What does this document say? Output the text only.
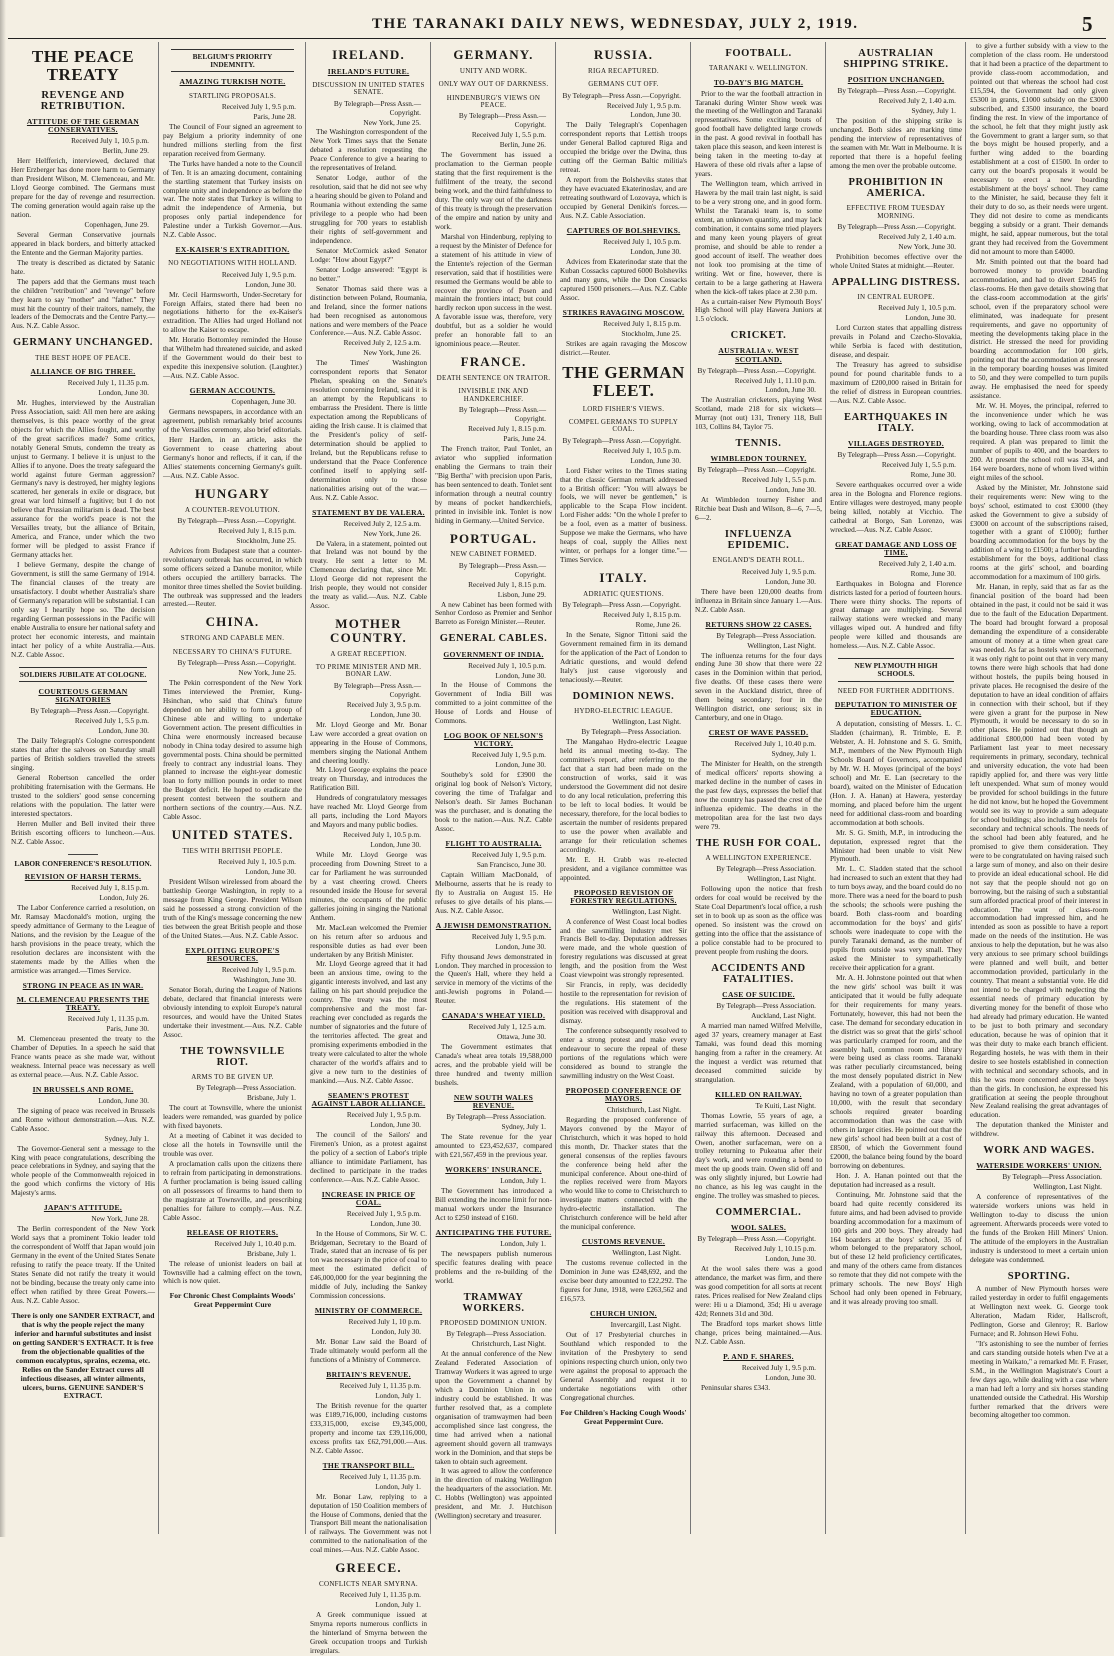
THE TARANAKI DAILY NEWS, WEDNESDAY, JULY 2, 1919.	5
THE PEACE TREATY
REVENGE AND RETRIBUTION.
ATTITUDE OF THE GERMAN CONSERVATIVES.

Received July 1, 10.5 p.m.

Berlin, June 29.

Herr Helfferich, interviewed, declared that Herr Erzberger has done more harm to Germany than President Wilson, M. Clemenceau, and Mr. Lloyd George combined. The Germans must prepare for the day of revenge and resurrection. The coming generation would again raise up the nation.

Copenhagen, June 29.

Several German Conservative journals appeared in black borders, and bitterly attacked the Entente and the German Majority parties.

The treaty is described as dictated by Satanic hate.

The papers add that the Germans must teach the children "retribution" and "revenge" before they learn to say "mother" and "father." They must hit the country of their traitors, namely, the leaders of the Democrats and the Centre Party.—Aus. N.Z. Cable Assoc.

GERMANY UNCHANGED.
THE BEST HOPE OF PEACE.
ALLIANCE OF BIG THREE.

Received July 1, 11.35 p.m.

London, June 30.

Mr. Hughes, interviewed by the Australian Press Association, said: All men here are asking themselves, is this peace worthy of the great objects for which the Allies fought, and worthy of the great sacrifices made? Some critics, notably General Smuts, condemn the treaty as unjust to Germany. I believe it is unjust to the Allies if to anyone. Does the treaty safeguard the world against future German aggression? Germany's navy is destroyed, her mighty legions scattered, her generals in exile or disgrace, but great war lord himself a fugitive; but I do not believe that Prussian militarism is dead. The best assurance for the world's peace is not the Versailles treaty, but the alliance of Britain, America, and France, under which the two former will be pledged to assist France if Germany attacks her.

I believe Germany, despite the change of Government, is still the same Germany of 1914. The financial clauses of the treaty are unsatisfactory. I doubt whether Australia's share of Germany's reparation will be substantial. I can only say I heartily hope so. The decision regarding German possessions in the Pacific will enable Australia to ensure her national safety and protect her economic interests, and maintain intact her policy of a white Australia.—Aus. N.Z. Cable Assoc.

SOLDIERS JUBILATE AT COLOGNE.
COURTEOUS GERMAN SIGNATORIES

By Telegraph—Press Assn.—Copyright.

Received July 1, 5.5 p.m.

London, June 30.

The Daily Telegraph's Cologne correspondent states that after the salvoes on Saturday small parties of British soldiers travelled the streets singing.

General Robertson cancelled the order prohibiting fraternisation with the Germans. He trusted to the soldiers' good sense concerning relations with the population. The latter were interested spectators.

Herren Muller and Bell invited their three British escorting officers to luncheon.—Aus. N.Z. Cable Assoc.

LABOR CONFERENCE'S RESOLUTION.
REVISION OF HARSH TERMS.

Received July 1, 8.15 p.m.

London, July 26.

The Labor Conference carried a resolution, on Mr. Ramsay Macdonald's motion, urging the speedy admittance of Germany to the League of Nations, and the revision by the League of the harsh provisions in the peace treaty, which the resolution declares are inconsistent with the statements made by the Allies when the armistice was arranged.—Times Service.

STRONG IN PEACE AS IN WAR.
M. CLEMENCEAU PRESENTS THE TREATY.

Received July 1, 11.35 p.m.

Paris, June 30.

M. Clemenceau presented the treaty to the Chamber of Deputies. In a speech he said that France wants peace as she made war, without weakness. Internal peace was necessary as well as external peace.—Aus. N.Z. Cable Assoc.

IN BRUSSELS AND ROME.

London, June 30.

The signing of peace was received in Brussels and Rome without demonstration.—Aus. N.Z. Cable Assoc.

Sydney, July 1.

The Governor-General sent a message to the King with peace congratulations, describing the peace celebrations in Sydney, and saying that the whole people of the Commonwealth rejoiced in the good which confirms the victory of His Majesty's arms.

JAPAN'S ATTITUDE.

New York, June 28.

The Berlin correspondent of the New York World says that a prominent Tokio leader told the correspondent of Wolff that Japan would join Germany in the event of the United States Senate refusing to ratify the peace treaty. If the United States Senate did not ratify the treaty it would not be binding, because the treaty only came into effect when ratified by three Great Powers.—Aus. N.Z. Cable Assoc.

There is only one SANDER EXTRACT, and that is why the people reject the many inferior and harmful substitutes and insist on getting SANDER'S EXTRACT. It is free from the objectionable qualities of the common eucalyptus, sprains, eczema, etc. Relies on the Sander Extract cures all infectious diseases, all winter ailments, ulcers, burns. GENUINE SANDER'S EXTRACT.
BELGIUM'S PRIORITY INDEMNITY.
AMAZING TURKISH NOTE.
STARTLING PROPOSALS.

Received July 1, 9.5 p.m.

Paris, June 28.

The Council of Four signed an agreement to pay Belgium a priority indemnity of one hundred millions sterling from the first reparation received from Germany.

The Turks have handed a note to the Council of Ten. It is an amazing document, containing the startling statement that Turkey insists on complete unity and independence as before the war. The note states that Turkey is willing to admit the independence of Armenia, but proposes only partial independence for Palestine under a Turkish Governor.—Aus. N.Z. Cable Assoc.

EX-KAISER'S EXTRADITION.
NO NEGOTIATIONS WITH HOLLAND.

Received July 1, 9.5 p.m.

London, June 30.

Mr. Cecil Harmsworth, Under-Secretary for Foreign Affairs, stated there had been no negotiations hitherto for the ex-Kaiser's extradition. The Allies had urged Holland not to allow the Kaiser to escape.

Mr. Horatio Bottomley reminded the House that Wilhelm had threatened suicide, and asked if the Government would do their best to expedite this inexpensive solution. (Laughter.)—Aus. N.Z. Cable Assoc.

GERMAN ACCOUNTS.

Copenhagen, June 30.

Germans newspapers, in accordance with an agreement, publish remarkably brief accounts of the Versailles ceremony, also brief editorials.

Herr Harden, in an article, asks the Government to cease chattering about Germany's honor and reflects, if it can, if the Allies' statements concerning Germany's guilt.—Aus. N.Z. Cable Assoc.

HUNGARY
A COUNTER-REVOLUTION.

By Telegraph—Press Assn.—Copyright.

Received July 1, 8.15 p.m.

Stockholm, June 25.

Advices from Budapest state that a counter-revolutionary outbreak has occurred, in which some officers seized a Danube monitor, while others occupied the artillery barracks. The monitor three times shelled the Soviet building. The outbreak was suppressed and the leaders arrested.—Reuter.

CHINA.
STRONG AND CAPABLE MEN.
NECESSARY TO CHINA'S FUTURE.

By Telegraph—Press Assn.—Copyright.

New York, June 25.

The Pekin correspondent of the New York Times interviewed the Premier, Kung-Hsinchan, who said that China's future depended on her ability to form a group of Chinese able and willing to undertake Government action. The present difficulties in China were enormously increased because nobody in China today desired to assume high governmental posts. China should be permitted freely to contract any industrial loans. They planned to increase the eight-year domestic loan to forty million pounds in order to meet the Budget deficit. He hoped to eradicate the present contest between the southern and northern sections of the country.—Aus. N.Z. Cable Assoc.

UNITED STATES.
TIES WITH BRITISH PEOPLE.

Received July 1, 10.5 p.m.

London, June 30.

President Wilson wirelessed from aboard the battleship George Washington, in reply to a message from King George. President Wilson said he possessed a strong conviction of the truth of the King's message concerning the new ties between the great British people and those of the United States.—Aus. N.Z. Cable Assoc.

EXPLOITING EUROPE'S RESOURCES.

Received July 1, 9.5 p.m.

Washington, June 30.

Senator Borah, during the League of Nations debate, declared that financial interests were obviously intending to exploit Europe's natural resources, and would have the United States undertake their investment.—Aus. N.Z. Cable Assoc.

THE TOWNSVILLE RIOT.
ARMS TO BE GIVEN UP.

By Telegraph—Press Association.

Brisbane, July 1.

The court at Townsville, where the unionist leaders were remanded, was guarded by police with fixed bayonets.

At a meeting of Cabinet it was decided to close all the hotels in Townsville until the trouble was over.

A proclamation calls upon the citizens there to refrain from participating in demonstrations. A further proclamation is being issued calling on all possessors of firearms to hand them to the magistrate at Townsville, and prescribing penalties for failure to comply.—Aus. N.Z. Cable Assoc.

RELEASE OF RIOTERS.

Received July 1, 10.40 p.m.

Brisbane, July 1.

The release of unionist leaders on bail at Townsville had a calming effect on the town, which is now quiet.

For Chronic Chest Complaints Woods' Great Peppermint Cure
IRELAND.
IRELAND'S FUTURE.
DISCUSSION IN UNITED STATES SENATE.

By Telegraph—Press Assn.—Copyright.

New York, June 25.

The Washington correspondent of the New York Times says that the Senate debated a resolution requesting the Peace Conference to give a hearing to the representatives of Ireland.

Senator Lodge, author of the resolution, said that he did not see why a hearing should be given to Poland and Roumania without extending the same privilege to a people who had been struggling for 700 years to establish their rights of self-government and independence.

Senator McCormick asked Senator Lodge: "How about Egypt?"

Senator Lodge answered: "Egypt is no better."

Senator Thomas said there was a distinction between Poland, Roumania, and Ireland, since the former nations had been recognised as autonomous nations and were members of the Peace Conference.—Aus. N.Z. Cable Assoc.

Received July 2, 12.5 a.m.

New York, June 26.

The Times' Washington correspondent reports that Senator Phelan, speaking on the Senate's resolution concerning Ireland, said it is an attempt by the Republicans to embarrass the President. There is little expectation among the Republicans of aiding the Irish cause. It is claimed that the President's policy of self-determination should be applied to Ireland, but the Republicans refuse to understand that the Peace Conference confined itself to applying self-determination only to those nationalities arising out of the war.—Aus. N.Z. Cable Assoc.

STATEMENT BY DE VALERA.

Received July 2, 12.5 a.m.

New York, June 26.

De Valera, in a statement, pointed out that Ireland was not bound by the treaty. He sent a letter to M. Clemenceau declaring that, since Mr. Lloyd George did not represent the Irish people, they would not consider the treaty as valid.—Aus. N.Z. Cable Assoc.

MOTHER COUNTRY.
A GREAT RECEPTION.
TO PRIME MINISTER AND MR. BONAR LAW.

By Telegraph—Press Assn.—Copyright.

Received July 3, 9.5 p.m.

London, June 30.

Mr. Lloyd George and Mr. Bonar Law were accorded a great ovation on appearing in the House of Commons, members singing the National Anthem and cheering loudly.

Mr. Lloyd George explains the peace treaty on Thursday, and introduces the Ratification Bill.

Hundreds of congratulatory messages have reached Mr. Lloyd George from all parts, including the Lord Mayors and Mayors and many public bodies.

Received July 1, 10.5 p.m.

London, June 30.

While Mr. Lloyd George was proceeding from Downing Street to a car for Parliament he was surrounded by a vast cheering crowd. Cheers resounded inside the House for several minutes, the occupants of the public galleries joining in singing the National Anthem.

Mr. MacLean welcomed the Premier on his return after so arduous and responsible duties as had ever been undertaken by any British Minister.

Mr. Lloyd George agreed that it had been an anxious time, owing to the gigantic interests involved, and last any failing on his part should prejudice the country. The treaty was the most comprehensive and the most far-reaching ever concluded as regards the number of signatories and the future of the territories affected. The great and promising experiments embodied in the treaty were calculated to alter the whole character of the world's affairs and to give a new turn to the destinies of mankind.—Aus. N.Z. Cable Assoc.

SEAMEN'S PROTEST AGAINST LABOR ALLIANCE.

Received July 1, 9.5 p.m.

London, June 30.

The council of the Sailors' and Firemen's Union, as a protest against the policy of a section of Labor's triple alliance to intimidate Parliament, has declined to participate in the trades conference.—Aus. N.Z. Cable Assoc.

INCREASE IN PRICE OF COAL.

Received July 1, 9.5 p.m.

London, June 30.

In the House of Commons, Sir W. C. Bridgeman, Secretary to the Board of Trade, stated that an increase of 6s per ton was necessary in the price of coal to meet the estimated deficit of £46,000,000 for the year beginning the middle of July, including the Sankey Commission concessions.

MINISTRY OF COMMERCE.

Received July 1, 10 p.m.

London, July 30.

Mr. Bonar Law said the Board of Trade ultimately would perform all the functions of a Ministry of Commerce.

BRITAIN'S REVENUE.

Received July 1, 11.35 p.m.

London, July 1.

The British revenue for the quarter was £189,716,000, including customs £33,315,000, excise £9,345,000, property and income tax £39,116,000, excess profits tax £62,791,000.—Aus. N.Z. Cable Assoc.

THE TRANSPORT BILL.

Received July 1, 11.35 p.m.

London, July 1.

Mr. Bonar Law, replying to a deputation of 150 Coalition members of the House of Commons, denied that the Transport Bill meant the nationalisation of railways. The Government was not committed to the nationalisation of the coal mines.—Aus. N.Z. Cable Assoc.

GREECE.
CONFLICTS NEAR SMYRNA.

Received July 1, 11.35 p.m.

London, July 1.

A Greek communique issued at Smyrna reports numerous conflicts in the hinterland of Smyrna between the Greek occupation troops and Turkish irregulars.

GERMANY.
UNITY AND WORK.
ONLY WAY OUT OF DARKNESS.
HINDENBURG'S VIEWS ON PEACE.

By Telegraph—Press Assn.—Copyright.

Received July 1, 5.5 p.m.

Berlin, June 26.

The Government has issued a proclamation to the German people stating that the first requirement is the fulfilment of the treaty, the second being work, and the third faithfulness to duty. The only way out of the darkness of this treaty is through the preservation of the empire and nation by unity and work.

Marshal von Hindenburg, replying to a request by the Minister of Defence for a statement of his attitude in view of the Entente's rejection of the German reservation, said that if hostilities were resumed the Germans would be able to recover the province of Posen and maintain the frontiers intact; but could hardly reckon upon success in the west. A favorable issue was, therefore, very doubtful, but as a soldier he would prefer an honorable fall to an ignominious peace.—Reuter.

FRANCE.
DEATH SENTENCE ON TRAITOR.
INVISIBLE INK AND HANDKERCHIEF.

By Telegraph—Press Assn.—Copyright.

Received July 1, 8.15 p.m.

Paris, June 24.

The French traitor, Paul Tonlet, an aviator who supplied information enabling the Germans to train their "Big Bertha" with precision upon Paris, has been sentenced to death. Tonlet sent information through a neutral country by means of pocket handkerchiefs, printed in invisible ink. Tonlet is now hiding in Germany.—United Service.

PORTUGAL.
NEW CABINET FORMED.

By Telegraph—Press Assn.—Copyright.

Received July 1, 8.15 p.m.

Lisbon, June 29.

A new Cabinet has been formed with Senhor Cordoso as Premier and Senhor Barreto as Foreign Minister.—Reuter.

GENERAL CABLES.
GOVERNMENT OF INDIA.

Received July 1, 10.5 p.m.

London, June 30.

In the House of Commons the Government of India Bill was committed to a joint committee of the House of Lords and House of Commons.

LOG BOOK OF NELSON'S VICTORY.

Received July 1, 9.5 p.m.

London, June 30.

Southeby's sold for £3900 the original log book of Nelson's Victory, covering the time of Trafalgar and Nelson's death. Sir James Buchanan was the purchaser, and is donating the book to the nation.—Aus. N.Z. Cable Assoc.

FLIGHT TO AUSTRALIA.

Received July 1, 9.5 p.m.

San Francisco, June 30.

Captain William MacDonald, of Melbourne, asserts that he is ready to fly to Australia on August 15. He refuses to give details of his plans.—Aus. N.Z. Cable Assoc.

A JEWISH DEMONSTRATION.

Received July 1, 9.5 p.m.

London, June 30.

Fifty thousand Jews demonstrated in London. They marched in procession to the Queen's Hall, where they held a service in memory of the victims of the anti-Jewish pogroms in Poland.—Reuter.

CANADA'S WHEAT YIELD.

Received July 1, 12.5 a.m.

Ottawa, June 30.

The Government estimates that Canada's wheat area totals 19,588,000 acres, and the probable yield will be three hundred and twenty million bushels.

NEW SOUTH WALES REVENUE.

By Telegraph—Press Association.

Sydney, July 1.

The State revenue for the year amounted to £23,452,637, compared with £21,567,459 in the previous year.

WORKERS' INSURANCE.

London, July 1.

The Government has introduced a Bill extending the income limit for non-manual workers under the Insurance Act to £250 instead of £160.

ANTICIPATING THE FUTURE.

London, July 1.

The newspapers publish numerous specific features dealing with peace problems and the re-building of the world.

TRAMWAY WORKERS.
PROPOSED DOMINION UNION.

By Telegraph—Press Association.

Christchurch, Last Night.

At the annual conference of the New Zealand Federated Association of Tramway Workers it was agreed to urge upon the Government a channel by which a Dominion Union in one industry could be established. It was further resolved that, as a complete organisation of tramwaymen had been accomplished since last congress, the time had arrived when a national agreement should govern all tramways work in the Dominion, and that steps be taken to obtain such agreement.

It was agreed to allow the conference in the direction of making Wellington the headquarters of the association. Mr. C. Hobbs (Wellington) was appointed president, and Mr. J. Hutchison (Wellington) secretary and treasurer.

RUSSIA.
RIGA RECAPTURED.
GERMANS CUT OFF.

By Telegraph—Press Assn.—Copyright.

Received July 1, 9.5 p.m.

London, June 30.

The Daily Telegraph's Copenhagen correspondent reports that Lettish troops under General Ballod captured Riga and occupied the bridge over the Dwina, thus cutting off the German Baltic militia's retreat.

A report from the Bolsheviks states that they have evacuated Ekaterinoslav, and are retreating southward of Lozovaya, which is occupied by General Denikin's forces.—Aus. N.Z. Cable Association.

CAPTURES OF BOLSHEVIKS.

Received July 1, 10.5 p.m.

London, June 30.

Advices from Ekaterinodar state that the Kuban Cossacks captured 6000 Bolsheviks and many guns, while the Don Cossacks captured 1500 prisoners.—Aus. N.Z. Cable Assoc.

STRIKES RAVAGING MOSCOW.

Received July 1, 8.15 p.m.

Stockholm, June 25.

Strikes are again ravaging the Moscow district.—Reuter.

THE GERMAN FLEET.
LORD FISHER'S VIEWS.
COMPEL GERMANS TO SUPPLY COAL.

By Telegraph—Press Assn.—Copyright.

Received July 1, 10.5 p.m.

London, June 30.

Lord Fisher writes to the Times stating that the classic German remark addressed to a British officer: "You will always be fools, we will never be gentlemen," is applicable to the Scapa Flow incident. Lord Fisher adds: "On the whole I prefer to be a fool, even as a matter of business. Suppose we make the Germans, who have heaps of coal, supply the Allies next winter, or perhaps for a longer time."—Times Service.

ITALY.
ADRIATIC QUESTIONS.

By Telegraph—Press Assn.—Copyright.

Received July 1, 8.15 p.m.

Rome, June 26.

In the Senate, Signor Tittoni said the Government remained firm in its demand for the application of the Pact of London to Adriatic questions, and would defend Italy's just cause vigorously and tenaciously.—Reuter.

DOMINION NEWS.
HYDRO-ELECTRIC LEAGUE.

Wellington, Last Night.

By Telegraph—Press Association.

The Mangahao Hydro-electric League held its annual meeting to-day. The committee's report, after referring to the fact that a start had been made on the construction of works, said it was understood the Government did not desire to do any local reticulation, preferring this to be left to local bodies. It would be necessary, therefore, for the local bodies to ascertain the number of residents prepared to use the power when available and arrange for their reticulation schemes accordingly.

Mr. E. H. Crabb was re-elected president, and a vigilance committee was appointed.

PROPOSED REVISION OF FORESTRY REGULATIONS.

Wellington, Last Night.

A conference of West Coast local bodies and the sawmilling industry met Sir Francis Bell to-day. Deputation addresses were made, and the whole question of forestry regulations was discussed at great length, and the position from the West Coast viewpoint was strongly represented.

Sir Francis, in reply, was decidedly hostile to the representation for revision of the regulations. His statement of the position was received with disapproval and dismay.

The conference subsequently resolved to enter a strong protest and make every endeavour to secure the repeal of these portions of the regulations which were considered as bound to strangle the sawmilling industry on the West Coast.

PROPOSED CONFERENCE OF MAYORS.

Christchurch, Last Night.

Regarding the proposed conference of Mayors convened by the Mayor of Christchurch, which it was hoped to hold this month, Dr. Thacker states that the general consensus of the replies favours the conference being held after the municipal conference. About one-third of the replies received were from Mayors who would like to come to Christchurch to investigate matters connected with the hydro-electric installation. The Christchurch conference will be held after the municipal conference.

CUSTOMS REVENUE.

Wellington, Last Night.

The customs revenue collected in the Dominion in June was £248,692, and the excise beer duty amounted to £22,292. The figures for June, 1918, were £263,562 and £16,573.

CHURCH UNION.

Invercargill, Last Night.

Out of 17 Presbyterial churches in Southland which responded to the invitation of the Presbytery to send opinions respecting church union, only two were against the proposal to approach the General Assembly and request it to undertake negotiations with other Congregational churches.

For Children's Hacking Cough Woods' Great Peppermint Cure.
FOOTBALL.
TARANAKI v. WELLINGTON.
TO-DAY'S BIG MATCH.

Prior to the war the football attraction in Taranaki during Winter Show week was the meeting of the Wellington and Taranaki representatives. Some exciting bouts of good football have delighted large crowds in the past. A good revival in football has taken place this season, and keen interest is being taken in the meeting to-day at Hawera of these old rivals after a lapse of years.

The Wellington team, which arrived in Hawera by the mail train last night, is said to be a very strong one, and in good form. Whilst the Taranaki team is, to some extent, an unknown quantity, and may lack combination, it contains some tried players and many keen young players of great promise, and should be able to render a good account of itself. The weather does not look too promising at the time of writing. Wet or fine, however, there is certain to be a large gathering at Hawera when the kick-off takes place at 2.30 p.m.

As a curtain-raiser New Plymouth Boys' High School will play Hawera Juniors at 1.5 o'clock.

CRICKET.
AUSTRALIA v. WEST SCOTLAND.

By Telegraph—Press Assn.—Copyright.

Received July 1, 11.10 p.m.

London, June 30.

The Australian cricketers, playing West Scotland, made 218 for six wickets—Murray (not out) 131, Trenery 118, Bull 103, Collins 84, Taylor 75.

TENNIS.
WIMBLEDON TOURNEY.

By Telegraph—Press Assn.—Copyright.

Received July 1, 5.5 p.m.

London, June 30.

At Wimbledon tourney Fisher and Ritchie beat Dash and Wilson, 8—6, 7—5, 6—2.

INFLUENZA EPIDEMIC.
ENGLAND'S DEATH ROLL.

Received July 1, 9.5 p.m.

London, June 30.

There have been 120,000 deaths from influenza in Britain since January 1.—Aus. N.Z. Cable Assn.

RETURNS SHOW 22 CASES.

By Telegraph—Press Association.

Wellington, Last Night.

The influenza returns for the four days ending June 30 show that there were 22 cases in the Dominion within that period, five deaths. Of these cases there were seven in the Auckland district, three of them being secondary; four in the Wellington district, one serious; six in Canterbury, and one in Otago.

CREST OF WAVE PASSED.

Received July 1, 10.40 p.m.

Sydney, July 1.

The Minister for Health, on the strength of medical officers' reports showing a marked decline in the number of cases in the past few days, expresses the belief that now the country has passed the crest of the influenza epidemic. The deaths in the metropolitan area for the last two days were 79.

THE RUSH FOR COAL.
A WELLINGTON EXPERIENCE.

By Telegraph—Press Association.

Wellington, Last Night.

Following upon the notice that fresh orders for coal would be received by the State Coal Department's local office, a rush set in to book up as soon as the office was opened. So insistent was the crowd on getting into the office that the assistance of a police constable had to be procured to prevent people from rushing the doors.

ACCIDENTS AND FATALITIES.
CASE OF SUICIDE.

By Telegraph—Press Association.

Auckland, Last Night.

A married man named Wilfred Melville, aged 37 years, creamery manager at East Tamaki, was found dead this morning hanging from a rafter in the creamery. At the inquest a verdict was returned that deceased committed suicide by strangulation.

KILLED ON RAILWAY.

Te Kuiti, Last Night.

Thomas Lowrie, 55 years of age, a married surfaceman, was killed on the railway this afternoon. Deceased and Owen, another surfaceman, were on a trolley returning to Pukeatua after their day's work, and were rounding a bend to meet the up goods train. Owen slid off and was only slightly injured, but Lowrie had no chance, as his leg was caught in the engine. The trolley was smashed to pieces.

COMMERCIAL.
WOOL SALES.

By Telegraph—Press Assn.—Copyright.

Received July 1, 10.15 p.m.

London, June 30.

At the wool sales there was a good attendance, the market was firm, and there was good competition for all sorts at recent rates. Prices realised for New Zealand clips were: Hi u a Diamond, 35d; Hi u average 42d; Rennets 31d and 30d.

The Bradford tops market shows little change, prices being maintained.—Aus. N.Z. Cable Assn.

P. AND F. SHARES.

Received July 1, 9.5 p.m.

London, June 30.

Peninsular shares £343.

AUSTRALIAN SHIPPING STRIKE.
POSITION UNCHANGED.

By Telegraph—Press Assn.—Copyright.

Received July 2, 1.40 a.m.

Sydney, July 1.

The position of the shipping strike is unchanged. Both sides are marking time pending the interview of representatives of the seamen with Mr. Watt in Melbourne. It is reported that there is a hopeful feeling among the men over the probable outcome.

PROHIBITION IN AMERICA.
EFFECTIVE FROM TUESDAY MORNING.

By Telegraph—Press Assn.—Copyright.

Received July 2, 1.40 a.m.

New York, June 30.

Prohibition becomes effective over the whole United States at midnight.—Reuter.

APPALLING DISTRESS.
IN CENTRAL EUROPE.

Received July 1, 10.5 p.m.

London, June 30.

Lord Curzon states that appalling distress prevails in Poland and Czecho-Slovakia, while Serbia is faced with destitution, disease, and despair.

The Treasury has agreed to subsidise pound for pound charitable funds to a maximum of £200,000 raised in Britain for the relief of distress in European countries.—Aus. N.Z. Cable Assoc.

EARTHQUAKES IN ITALY.
VILLAGES DESTROYED.

By Telegraph—Press Assn.—Copyright.

Received July 1, 5.5 p.m.

Rome, June 30.

Severe earthquakes occurred over a wide area in the Bologna and Florence regions. Entire villages were destroyed, many people being killed, notably at Vicchio. The cathedral at Borgo, San Lorenzo, was wrecked.—Aus. N.Z. Cable Assoc.

GREAT DAMAGE AND LOSS OF TIME.

Received July 2, 1.40 a.m.

Rome, June 30.

Earthquakes in Bologna and Florence districts lasted for a period of fourteen hours. There were thirty shocks. The reports of great damage are multiplying. Several railway stations were wrecked and many villages wiped out. A hundred and fifty people were killed and thousands are homeless.—Aus. N.Z. Cable Assoc.

NEW PLYMOUTH HIGH SCHOOLS.
NEED FOR FURTHER ADDITIONS.
DEPUTATION TO MINISTER OF EDUCATION.

A deputation, consisting of Messrs. L. C. Sladden (chairman), R. Trimble, E. P. Webster, A. H. Johnstone and S. G. Smith, M.P., members of the New Plymouth High Schools Board of Governors, accompanied by Mr. W. H. Moyes (principal of the boys' school) and Mr. E. Lan (secretary to the board), waited on the Minister of Education (Hon. J. A. Hanan) at Hawera, yesterday morning, and placed before him the urgent need for additional class-room and boarding accommodation at both schools.

Mr. S. G. Smith, M.P., in introducing the deputation, expressed regret that the Minister had been unable to visit New Plymouth.

Mr. L. C. Sladden stated that the school had increased to such an extent that they had to turn boys away, and the board could do no more. There was a need for the board to push the schools; the schools were pushing the board. Both class-room and boarding accommodation for the boys' and girls' schools were inadequate to cope with the purely Taranaki demand, as the number of pupils from outside was very small. They asked the Minister to sympathetically receive their application for a grant.

Mr. A. H. Johnstone pointed out that when the new girls' school was built it was anticipated that it would be fully adequate for their requirements for many years. Fortunately, however, this had not been the case. The demand for secondary education in the district was so great that the girls' school was particularly cramped for room, and the assembly hall, common room and library were being used as class rooms. Taranaki was rather peculiarly circumstanced, being the most densely populated district in New Zealand, with a population of 60,000, and having no town of a greater population than 10,000, with the result that secondary schools required greater boarding accommodation than was the case with others in larger cities. He pointed out that the new girls' school had been built at a cost of £8500, of which the Government found £2000, the balance being found by the board borrowing on debentures.

Hon. J. A. Hanan pointed out that the deputation had increased as a result.

Continuing, Mr. Johnstone said that the board had quite recently considered its future aims, and had been advised to provide boarding accommodation for a maximum of 100 girls and 200 boys. They already had 164 boarders at the boys' school, 35 of whom belonged to the preparatory school, but of these 12 held proficiency certificates, and many of the others came from distances so remote that they did not compete with the primary schools. The new Boys' High School had only been opened in February, and it was already proving too small.

to give a further subsidy with a view to the completion of the class room. He understood that it had been a practice of the department to provide class-room accommodation, and pointed out that whereas the school had cost £15,594, the Government had only given £5300 in grants, £1000 subsidy on the £3000 subscribed, and £3500 insurance, the board finding the rest. In view of the importance of the school, he felt that they might justly ask the Government to grant a larger sum, so that the boys might be housed properly, and a further wing added to the boarding establishment at a cost of £1500. In order to carry out the board's proposals it would be necessary to erect a new boarding establishment at the boys' school. They came to the Minister, he said, because they felt it their duty to do so, as their needs were urgent. They did not desire to come as mendicants begging a subsidy or a grant. Their demands might, he said, appear numerous, but the total grant they had received from the Government did not amount to more than £4000.

Mr. Smith pointed out that the board had borrowed money to provide boarding accommodation, and had to divert £2845 for class-rooms. He then gave details showing that the class-room accommodation at the girls' school, even if the preparatory school were eliminated, was inadequate for present requirements, and gave no opportunity of meeting the developments taking place in the district. He stressed the need for providing boarding accommodation for 100 girls, pointing out that the accommodation at present in the temporary boarding houses was limited to 50, and they were compelled to turn pupils away. He emphasised the need for speedy assistance.

Mr. W. H. Moyes, the principal, referred to the inconvenience under which he was working, owing to lack of accommodation at the boarding house. Three class room was also required. A plan was prepared to limit the number of pupils to 400, and the boarders to 200. At present the school roll was 334, and 164 were boarders, none of whom lived within eight miles of the school.

Asked by the Minister, Mr. Johnstone said their requirements were: New wing to the boys' school, estimated to cost £3000 (they asked the Government to give a subsidy of £3000 on account of the subscriptions raised, together with a grant of £1000); further boarding accommodation for the boys by the addition of a wing to £1500; a further boarding establishment for the boys, additional class rooms at the girls' school, and boarding accommodation for a maximum of 100 girls.

Mr. Hanan, in reply, said that as far as the financial position of the board had been obtained in the past, it could not be said it was due to the fault of the Education Department. The board had brought forward a proposal demanding the expenditure of a considerable amount of money at a time when great care was needed. As far as hostels were concerned, it was only right to point out that in very many towns there were high schools that had done without hostels, the pupils being housed in private places. He recognised the desire of the deputation to have an ideal condition of affairs in connection with their school, but if they were given a grant for the purpose in New Plymouth, it would be necessary to do so in other places. He pointed out that though an additional £800,000 had been voted by Parliament last year to meet necessary requirements in primary, secondary, technical and university education, the vote had been rapidly applied for, and there was very little left unexpended. What sum of money would be provided for school buildings in the future he did not know, but he hoped the Government would see its way to provide a sum adequate for school buildings; also including hostels for secondary and technical schools. The needs of the school had been ably featured, and he promised to give them consideration. They were to be congratulated on having raised such a large sum of money, and also on their desire to provide an ideal educational school. He did not say that the people should not go on borrowing, but the raising of such a substantial sum afforded practical proof of their interest in education. The want of class-room accommodation had impressed him, and he intended as soon as possible to have a report made on the needs of the institution. He was anxious to help the deputation, but he was also very anxious to see primary school buildings were planned and well built, and better accommodation provided, particularly in the country. That meant a substantial vote. He did not intend to be charged with neglecting the essential needs of primary education by diverting money for the benefit of those who had already had primary education. He wanted to be just to both primary and secondary education, because he was of opinion that it was their duty to make each branch efficient. Regarding hostels, he was with them in their desire to see hostels established in connection with technical and secondary schools, and in this he was more concerned about the boys than the girls. In conclusion, he expressed his gratification at seeing the people throughout New Zealand realising the great advantages of education.

The deputation thanked the Minister and withdrew.

WORK AND WAGES.
WATERSIDE WORKERS' UNION.

By Telegraph—Press Association.

Wellington, Last Night.

A conference of representatives of the waterside workers unions was held in Wellington to-day to discuss the union agreement. Afterwards proceeds were voted to the funds of the Broken Hill Miners' Union. The attitude of the employers in the Australian industry is understood to meet a certain union delegate was condemned.

SPORTING.

A number of New Plymouth horses were railed yesterday in order to fulfil engagements at Wellington next week. G. George took Alteration, Madam Rider, Hallscroft, Pedlington, Gorse and Glenroy; R. Barlow Furnace; and R. Johnson Hewi Fohu.

"It's astonishing to see the number of ferries and cars standing outside hotels when I've at a meeting in Waikato," a remarked Mr. F. Fraser, S.M., in the Wellington Magistrate's Court a few days ago, while dealing with a case where a man had left a lorry and six horses standing unattended outside the Cathedral. His Worship further remarked that the drivers were becoming altogether too common.
